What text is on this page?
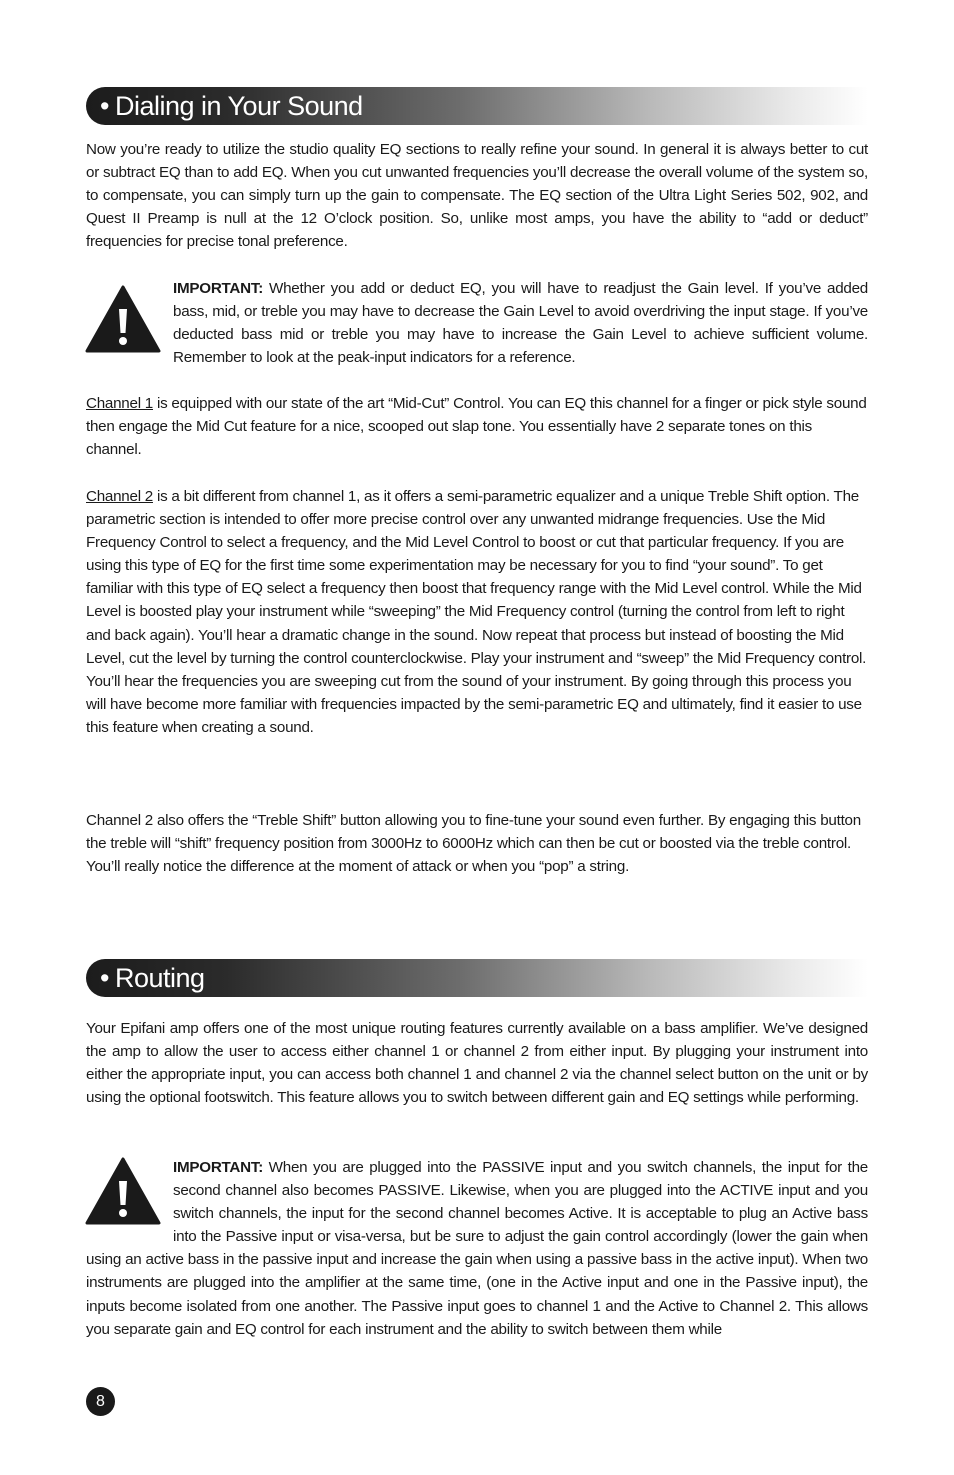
• Dialing in Your Sound

Now you’re ready to utilize the studio quality EQ sections to really refine your sound. In general it is always better to cut or subtract EQ than to add EQ. When you cut unwanted frequencies you’ll decrease the overall volume of the system so, to compensate, you can simply turn up the gain to compensate. The EQ section of the Ultra Light Series 502, 902, and Quest II Preamp is null at the 12 O’clock position. So, unlike most amps, you have the ability to “add or deduct” frequencies for precise tonal preference.

IMPORTANT: Whether you add or deduct EQ, you will have to readjust the Gain level. If you’ve added bass, mid, or treble you may have to decrease the Gain Level to avoid overdriving the input stage. If you’ve deducted bass mid or treble you may have to increase the Gain Level to achieve sufficient volume. Remember to look at the peak-input indicators for a reference.

Channel 1 is equipped with our state of the art “Mid-Cut” Control. You can EQ this channel for a finger or pick style sound then engage the Mid Cut feature for a nice, scooped out slap tone. You essentially have 2 separate tones on this channel.

Channel 2 is a bit different from channel 1, as it offers a semi-parametric equalizer and a unique Treble Shift option. The parametric section is intended to offer more precise control over any unwanted midrange frequencies. Use the Mid Frequency Control to select a frequency, and the Mid Level Control to boost or cut that particular frequency. If you are using this type of EQ for the first time some experimentation may be necessary for you to find “your sound”. To get familiar with this type of EQ select a frequency then boost that frequency range with the Mid Level control. While the Mid Level is boosted play your instrument while “sweeping” the Mid Frequency control (turning the control from left to right and back again). You’ll hear a dramatic change in the sound. Now repeat that process but instead of boosting the Mid Level, cut the level by turning the control counterclockwise. Play your instrument and “sweep” the Mid Frequency control. You’ll hear the frequencies you are sweeping cut from the sound of your instrument. By going through this process you will have become more familiar with frequencies impacted by the semi-parametric EQ and ultimately, find it easier to use this feature when creating a sound.

Channel 2 also offers the “Treble Shift” button allowing you to fine-tune your sound even further. By engaging this button the treble will “shift” frequency position from 3000Hz to 6000Hz which can then be cut or boosted via the treble control. You’ll really notice the difference at the moment of attack or when you “pop” a string.

• Routing

Your Epifani amp offers one of the most unique routing features currently available on a bass amplifier. We’ve designed the amp to allow the user to access either channel 1 or channel 2 from either input. By plugging your instrument into either the appropriate input, you can access both channel 1 and channel 2 via the channel select button on the unit or by using the optional footswitch. This feature allows you to switch between different gain and EQ settings while performing.

IMPORTANT: When you are plugged into the PASSIVE input and you switch channels, the input for the second channel also becomes PASSIVE. Likewise, when you are plugged into the ACTIVE input and you switch channels, the input for the second channel becomes Active. It is acceptable to plug an Active bass into the Passive input or visa-versa, but be sure to adjust the gain control accordingly (lower the gain when using an active bass in the passive input and increase the gain when using a passive bass in the active input). When two instruments are plugged into the amplifier at the same time, (one in the Active input and one in the Passive input), the inputs become isolated from one another. The Passive input goes to channel 1 and the Active to Channel 2. This allows you separate gain and EQ control for each instrument and the ability to switch between them while

8
